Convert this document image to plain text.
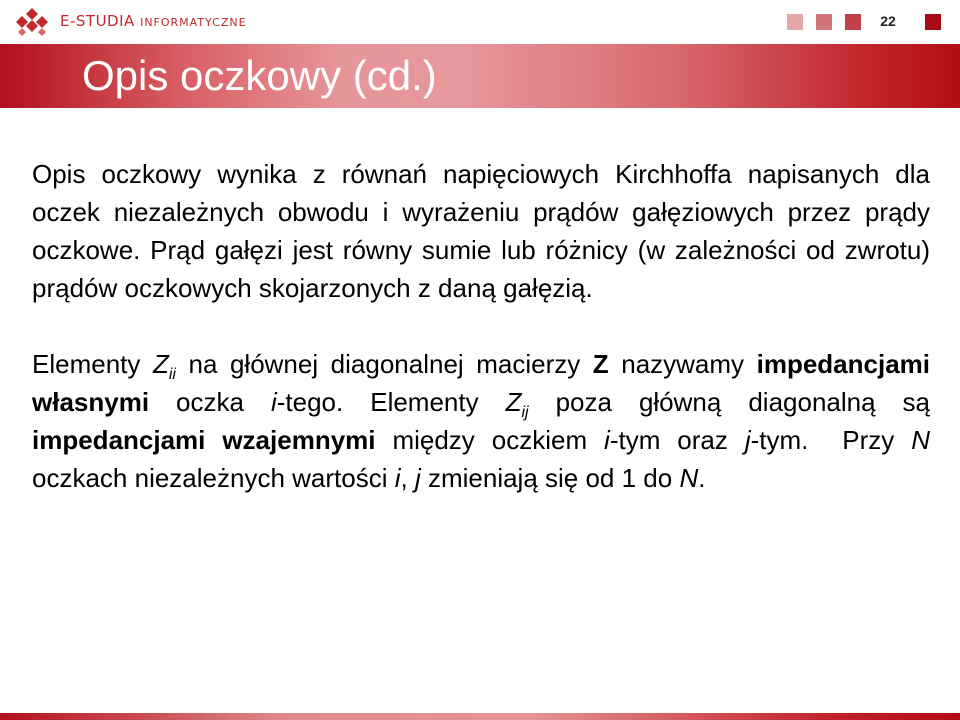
E-STUDIA INFORMATYCZNE	22
Opis oczkowy (cd.)

Opis oczkowy wynika z równań napięciowych Kirchhoffa napisanych dla oczek niezależnych obwodu i wyrażeniu prądów gałęziowych przez prądy oczkowe. Prąd gałęzi jest równy sumie lub różnicy (w zależności od zwrotu) prądów oczkowych skojarzonych z daną gałęzią.

Elementy $Z_{ii}$ na głównej diagonalnej macierzy Z nazywamy impedancjami własnymi oczka i-tego. Elementy $Z_{ij}$ poza główną diagonalną są impedancjami wzajemnymi między oczkiem i-tym oraz j-tym.  Przy N oczkach niezależnych wartości i, j zmieniają się od 1 do N.
